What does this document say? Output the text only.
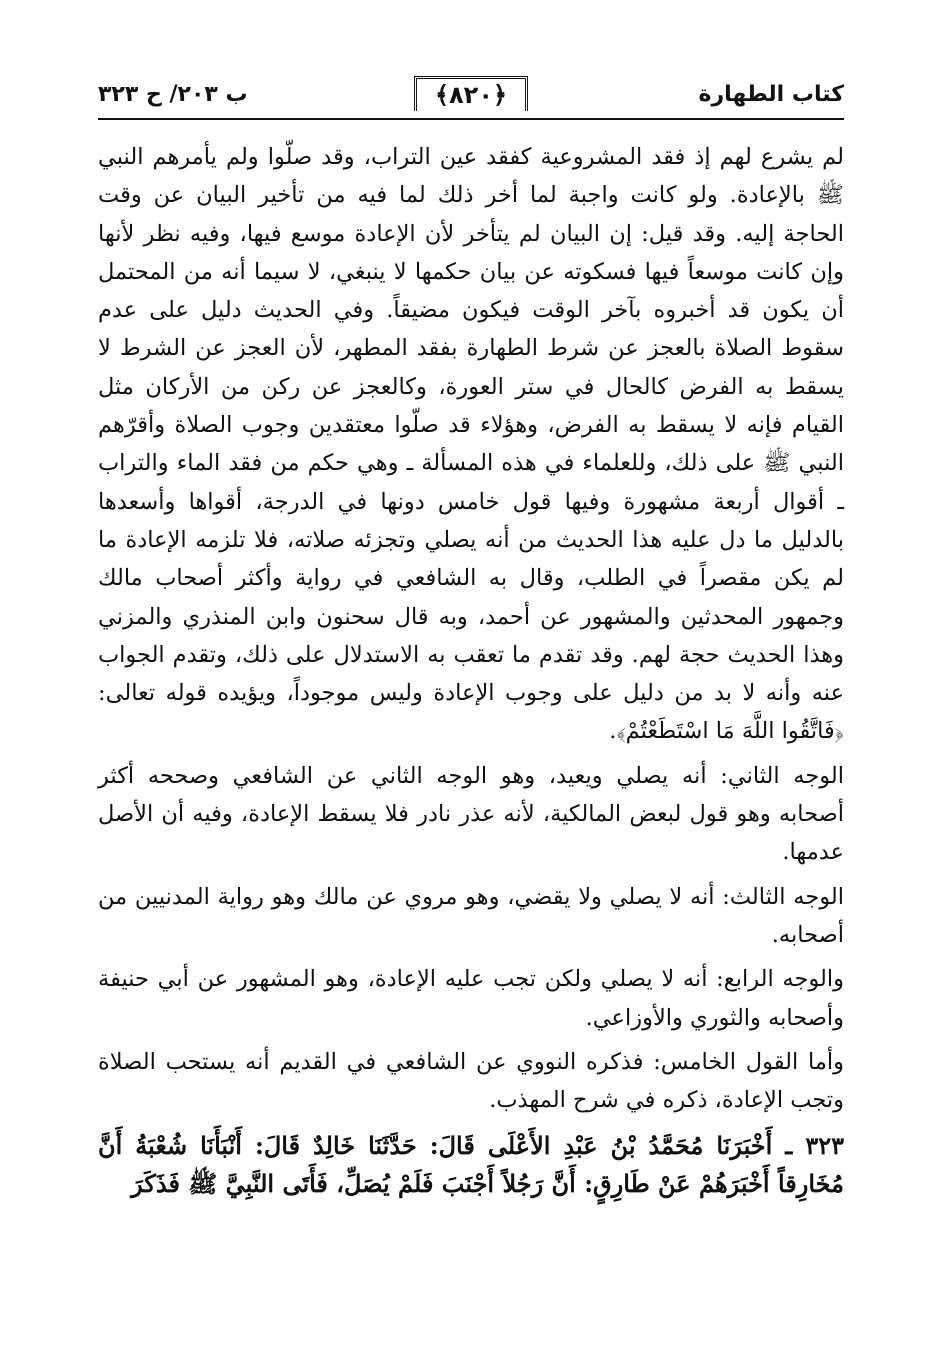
كتاب الطهارة
﴿٨٢٠﴾
ب ٢٠٣/ ح ٣٢٣

لم يشرع لهم إذ فقد المشروعية كفقد عين التراب، وقد صلّوا ولم يأمرهم النبي ﷺ بالإعادة. ولو كانت واجبة لما أخر ذلك لما فيه من تأخير البيان عن وقت الحاجة إليه. وقد قيل: إن البيان لم يتأخر لأن الإعادة موسع فيها، وفيه نظر لأنها وإن كانت موسعاً فيها فسكوته عن بيان حكمها لا ينبغي، لا سيما أنه من المحتمل أن يكون قد أخبروه بآخر الوقت فيكون مضيقاً. وفي الحديث دليل على عدم سقوط الصلاة بالعجز عن شرط الطهارة بفقد المطهر، لأن العجز عن الشرط لا يسقط به الفرض كالحال في ستر العورة، وكالعجز عن ركن من الأركان مثل القيام فإنه لا يسقط به الفرض، وهؤلاء قد صلّوا معتقدين وجوب الصلاة وأقرّهم النبي ﷺ على ذلك، وللعلماء في هذه المسألة ـ وهي حكم من فقد الماء والتراب ـ أقوال أربعة مشهورة وفيها قول خامس دونها في الدرجة، أقواها وأسعدها بالدليل ما دل عليه هذا الحديث من أنه يصلي وتجزئه صلاته، فلا تلزمه الإعادة ما لم يكن مقصراً في الطلب، وقال به الشافعي في رواية وأكثر أصحاب مالك وجمهور المحدثين والمشهور عن أحمد، وبه قال سحنون وابن المنذري والمزني وهذا الحديث حجة لهم. وقد تقدم ما تعقب به الاستدلال على ذلك، وتقدم الجواب عنه وأنه لا بد من دليل على وجوب الإعادة وليس موجوداً، ويؤيده قوله تعالى: ﴿فَاتَّقُوا اللَّهَ مَا اسْتَطَعْتُمْ﴾.

الوجه الثاني: أنه يصلي ويعيد، وهو الوجه الثاني عن الشافعي وصححه أكثر أصحابه وهو قول لبعض المالكية، لأنه عذر نادر فلا يسقط الإعادة، وفيه أن الأصل عدمها.

الوجه الثالث: أنه لا يصلي ولا يقضي، وهو مروي عن مالك وهو رواية المدنيين من أصحابه.

والوجه الرابع: أنه لا يصلي ولكن تجب عليه الإعادة، وهو المشهور عن أبي حنيفة وأصحابه والثوري والأوزاعي.

وأما القول الخامس: فذكره النووي عن الشافعي في القديم أنه يستحب الصلاة وتجب الإعادة، ذكره في شرح المهذب.

٣٢٣ ـ أَخْبَرَنَا مُحَمَّدُ بْنُ عَبْدِ الأَعْلَى قَالَ: حَدَّثَنَا خَالِدٌ قَالَ: أَنْبَأَنَا شُعْبَةُ أَنَّ مُخَارِقاً أَخْبَرَهُمْ عَنْ طَارِقٍ: أَنَّ رَجُلاً أَجْنَبَ فَلَمْ يُصَلِّ، فَأَتَى النَّبِيَّ ﷺ فَذَكَرَ
